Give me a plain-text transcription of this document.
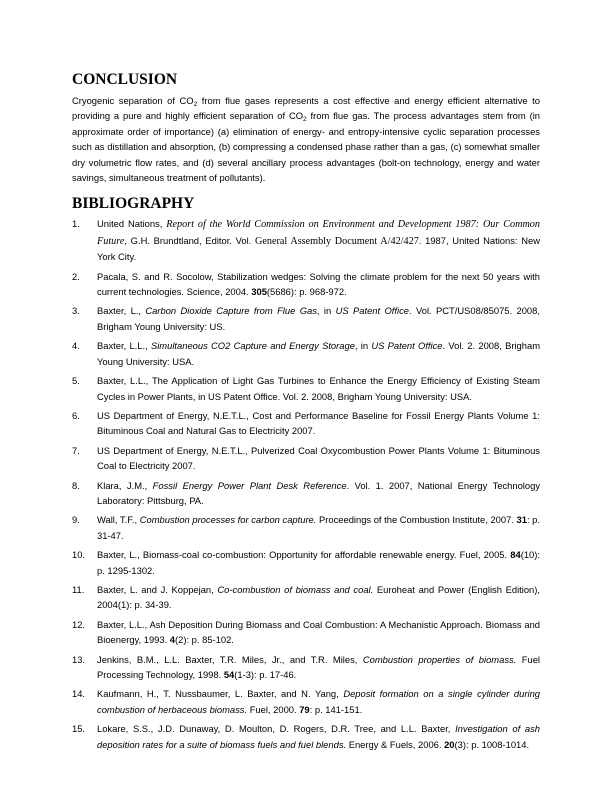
CONCLUSION

Cryogenic separation of $CO_2$ from flue gases represents a cost effective and energy efficient alternative to providing a pure and highly efficient separation of $CO_2$ from flue gas. The process advantages stem from (in approximate order of importance) (a) elimination of energy- and entropy-intensive cyclic separation processes such as distillation and absorption, (b) compressing a condensed phase rather than a gas, (c) somewhat smaller dry volumetric flow rates, and (d) several ancillary process advantages (bolt-on technology, energy and water savings, simultaneous treatment of pollutants).

BIBLIOGRAPHY
1. United Nations, Report of the World Commission on Environment and Development 1987: Our Common Future, G.H. Brundtland, Editor. Vol. General Assembly Document A/42/427. 1987, United Nations: New York City.
2. Pacala, S. and R. Socolow, Stabilization wedges: Solving the climate problem for the next 50 years with current technologies. Science, 2004. 305(5686): p. 968-972.
3. Baxter, L., Carbon Dioxide Capture from Flue Gas, in US Patent Office. Vol. PCT/US08/85075. 2008, Brigham Young University: US.
4. Baxter, L.L., Simultaneous CO2 Capture and Energy Storage, in US Patent Office. Vol. 2. 2008, Brigham Young University: USA.
5. Baxter, L.L., The Application of Light Gas Turbines to Enhance the Energy Efficiency of Existing Steam Cycles in Power Plants, in US Patent Office. Vol. 2. 2008, Brigham Young University: USA.
6. US Department of Energy, N.E.T.L., Cost and Performance Baseline for Fossil Energy Plants Volume 1: Bituminous Coal and Natural Gas to Electricity 2007.
7. US Department of Energy, N.E.T.L., Pulverized Coal Oxycombustion Power Plants Volume 1: Bituminous Coal to Electricity 2007.
8. Klara, J.M., Fossil Energy Power Plant Desk Reference. Vol. 1. 2007, National Energy Technology Laboratory: Pittsburg, PA.
9. Wall, T.F., Combustion processes for carbon capture. Proceedings of the Combustion Institute, 2007. 31: p. 31-47.
10. Baxter, L., Biomass-coal co-combustion: Opportunity for affordable renewable energy. Fuel, 2005. 84(10): p. 1295-1302.
11. Baxter, L. and J. Koppejan, Co-combustion of biomass and coal. Euroheat and Power (English Edition), 2004(1): p. 34-39.
12. Baxter, L.L., Ash Deposition During Biomass and Coal Combustion: A Mechanistic Approach. Biomass and Bioenergy, 1993. 4(2): p. 85-102.
13. Jenkins, B.M., L.L. Baxter, T.R. Miles, Jr., and T.R. Miles, Combustion properties of biomass. Fuel Processing Technology, 1998. 54(1-3): p. 17-46.
14. Kaufmann, H., T. Nussbaumer, L. Baxter, and N. Yang, Deposit formation on a single cylinder during combustion of herbaceous biomass. Fuel, 2000. 79: p. 141-151.
15. Lokare, S.S., J.D. Dunaway, D. Moulton, D. Rogers, D.R. Tree, and L.L. Baxter, Investigation of ash deposition rates for a suite of biomass fuels and fuel blends. Energy & Fuels, 2006. 20(3): p. 1008-1014.
